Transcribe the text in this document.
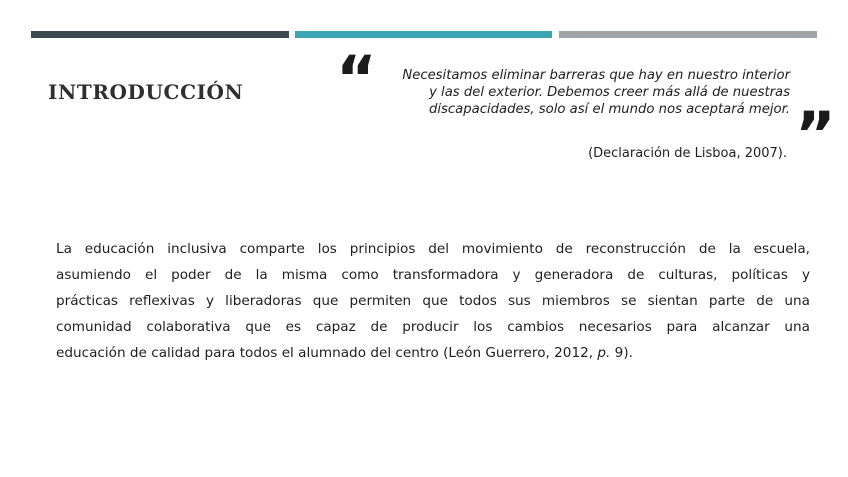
INTRODUCCIÓN “	Necesitamos eliminar barreras que hay en nuestro interior
y las del exterior. Debemos creer más allá de nuestras
discapacidades, solo así el mundo nos aceptará mejor. ”
(Declaración de Lisboa, 2007).
La educación inclusiva comparte los principios del movimiento de reconstrucción de la escuela,
asumiendo el poder de la misma como transformadora y generadora de culturas, políticas y
prácticas reflexivas y liberadoras que permiten que todos sus miembros se sientan parte de una
comunidad colaborativa que es capaz de producir los cambios necesarios para alcanzar una
educación de calidad para todos el alumnado del centro (León Guerrero, 2012, p. 9).
